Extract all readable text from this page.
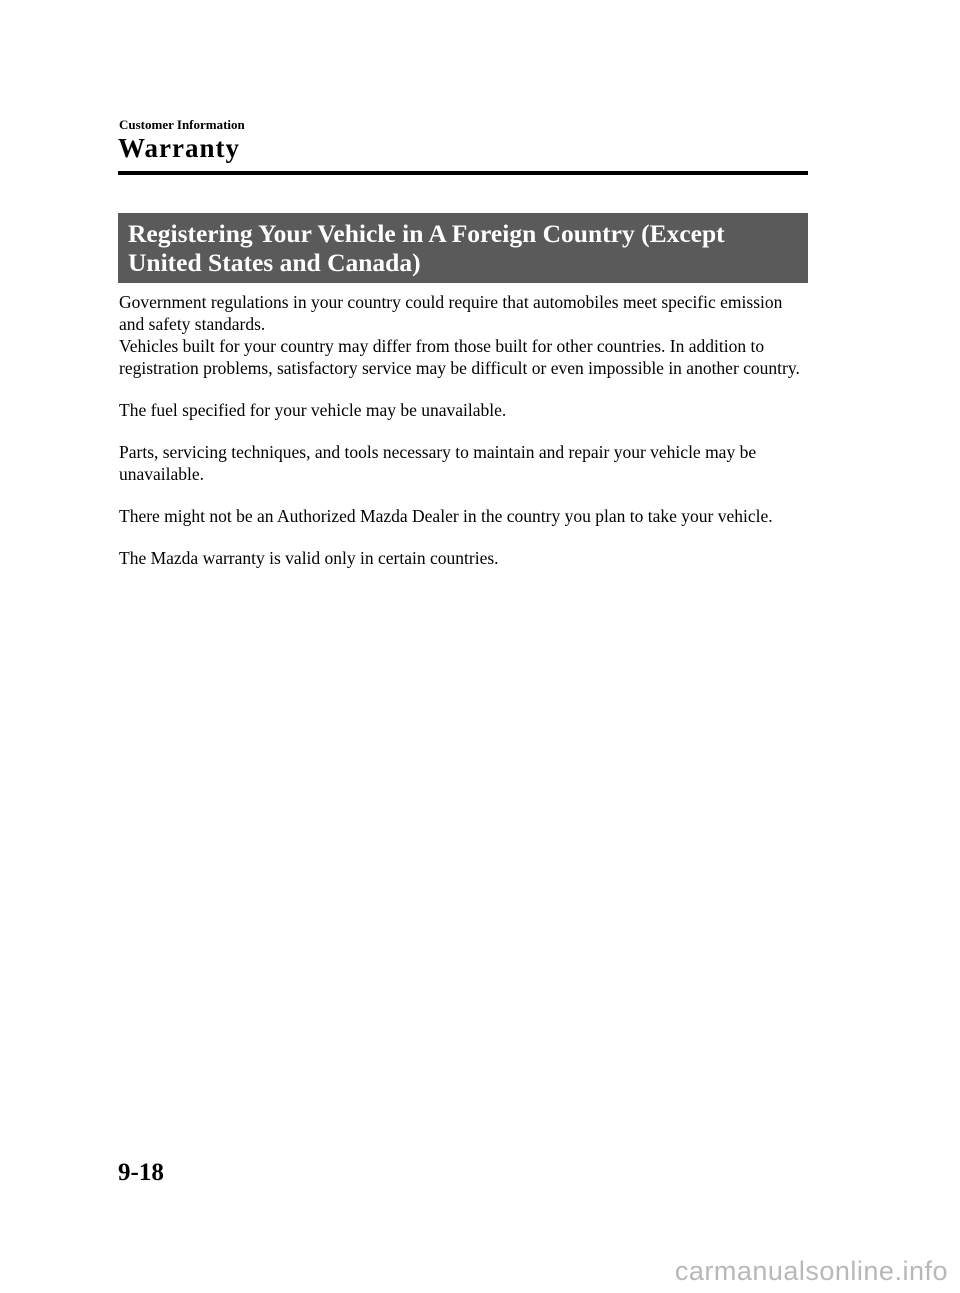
Customer Information
Warranty
Registering Your Vehicle in A Foreign Country (Except
United States and Canada)

Government regulations in your country could require that automobiles meet specific emission and safety standards.

Vehicles built for your country may differ from those built for other countries. In addition to registration problems, satisfactory service may be difficult or even impossible in another country.

The fuel specified for your vehicle may be unavailable.

Parts, servicing techniques, and tools necessary to maintain and repair your vehicle may be unavailable.

There might not be an Authorized Mazda Dealer in the country you plan to take your vehicle.

The Mazda warranty is valid only in certain countries.

9-18
carmanualsonline.info
